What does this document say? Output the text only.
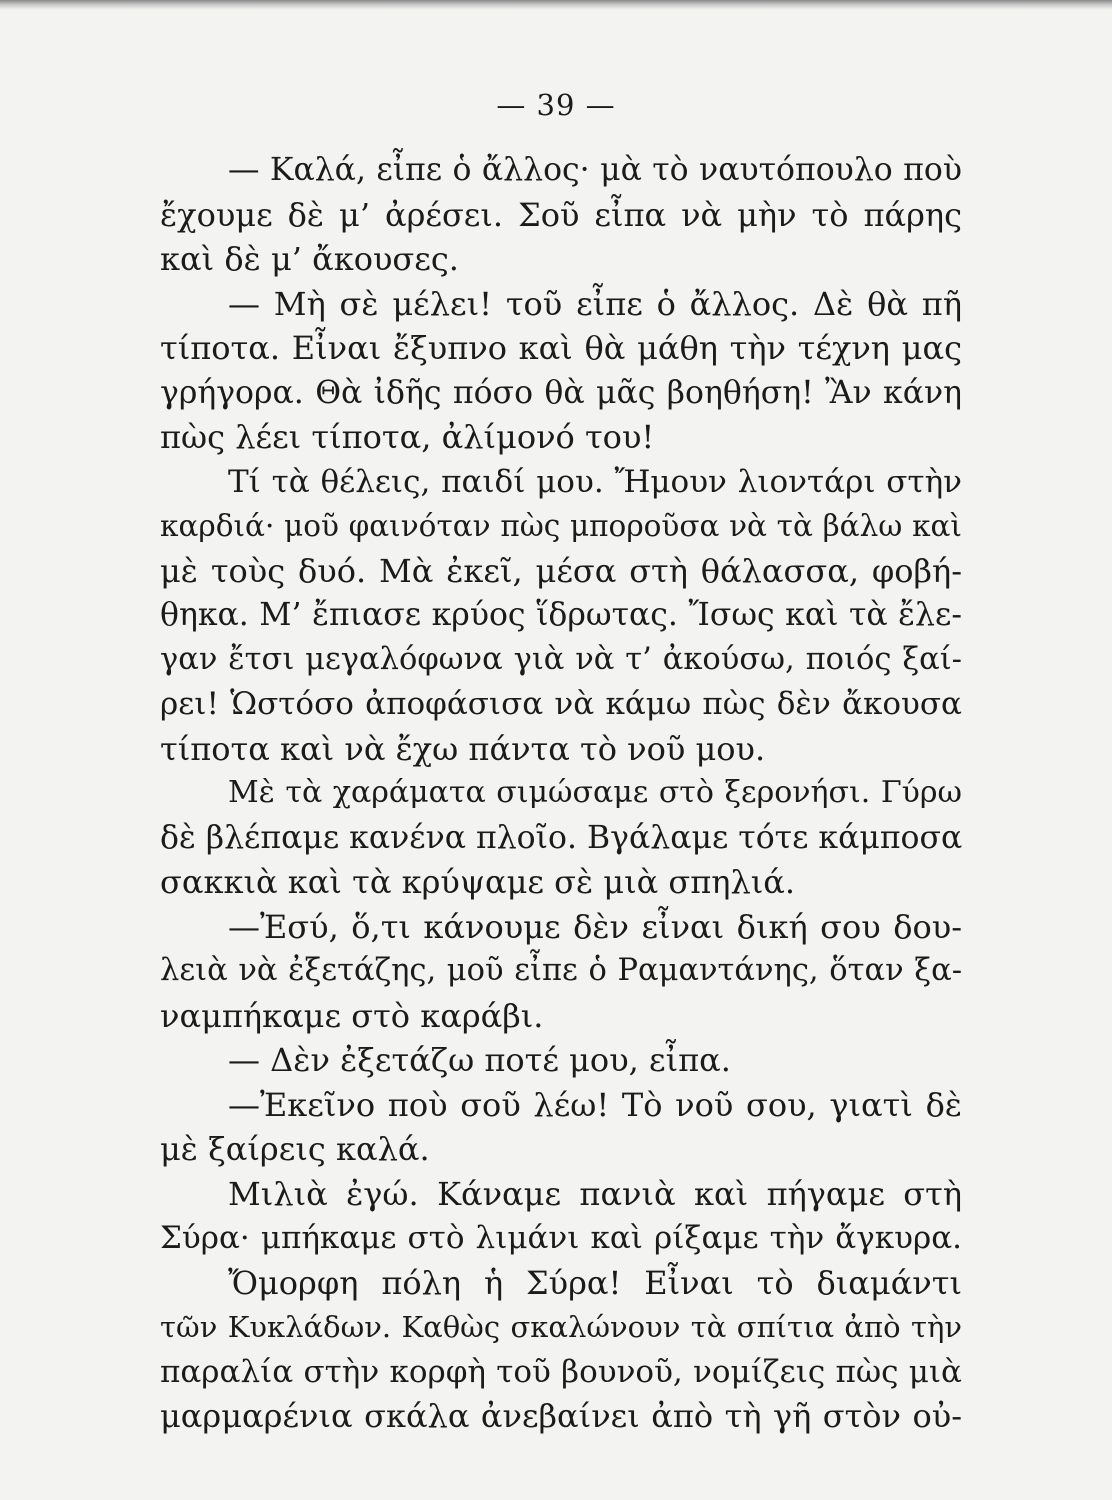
— 39 —
— Καλά, εἶπε ὁ ἄλλος· μὰ τὸ ναυτόπουλο ποὺ
ἔχουμε δὲ μ’ ἀρέσει. Σοῦ εἶπα νὰ μὴν τὸ πάρης
καὶ δὲ μ’ ἄκουσες.
— Μὴ σὲ μέλει! τοῦ εἶπε ὁ ἄλλος. Δὲ θὰ πῆ
τίποτα. Εἶναι ἔξυπνο καὶ θὰ μάθη τὴν τέχνη μας
γρήγορα. Θὰ ἰδῆς πόσο θὰ μᾶς βοηθήση! Ἂν κάνη
πὼς λέει τίποτα, ἀλίμονό του!
Τί τὰ θέλεις, παιδί μου. Ἤμουν λιοντάρι στὴν
καρδιά· μοῦ φαινόταν πὼς μποροῦσα νὰ τὰ βάλω καὶ
μὲ τοὺς δυό. Μὰ ἐκεῖ, μέσα στὴ θάλασσα, φοβή-
θηκα. Μ’ ἔπιασε κρύος ἵδρωτας. Ἴσως καὶ τὰ ἔλε-
γαν ἔτσι μεγαλόφωνα γιὰ νὰ τ’ ἀκούσω, ποιός ξαί-
ρει! Ὡστόσο ἀποφάσισα νὰ κάμω πὼς δὲν ἄκουσα
τίποτα καὶ νὰ ἔχω πάντα τὸ νοῦ μου.
Μὲ τὰ χαράματα σιμώσαμε στὸ ξερονήσι. Γύρω
δὲ βλέπαμε κανένα πλοῖο. Βγάλαμε τότε κάμποσα
σακκιὰ καὶ τὰ κρύψαμε σὲ μιὰ σπηλιά.
—Ἐσύ, ὅ,τι κάνουμε δὲν εἶναι δική σου δου-
λειὰ νὰ ἐξετάζης, μοῦ εἶπε ὁ Ραμαντάνης, ὅταν ξα-
ναμπήκαμε στὸ καράβι.
— Δὲν ἐξετάζω ποτέ μου, εἶπα.
—Ἐκεῖνο ποὺ σοῦ λέω! Τὸ νοῦ σου, γιατὶ δὲ
μὲ ξαίρεις καλά.
Μιλιὰ ἐγώ. Κάναμε πανιὰ καὶ πήγαμε στὴ
Σύρα· μπήκαμε στὸ λιμάνι καὶ ρίξαμε τὴν ἄγκυρα.
Ὄμορφη πόλη ἡ Σύρα! Εἶναι τὸ διαμάντι
τῶν Κυκλάδων. Καθὼς σκαλώνουν τὰ σπίτια ἀπὸ τὴν
παραλία στὴν κορφὴ τοῦ βουνοῦ, νομίζεις πὼς μιὰ
μαρμαρένια σκάλα ἀνεβαίνει ἀπὸ τὴ γῆ στὸν οὐ-
